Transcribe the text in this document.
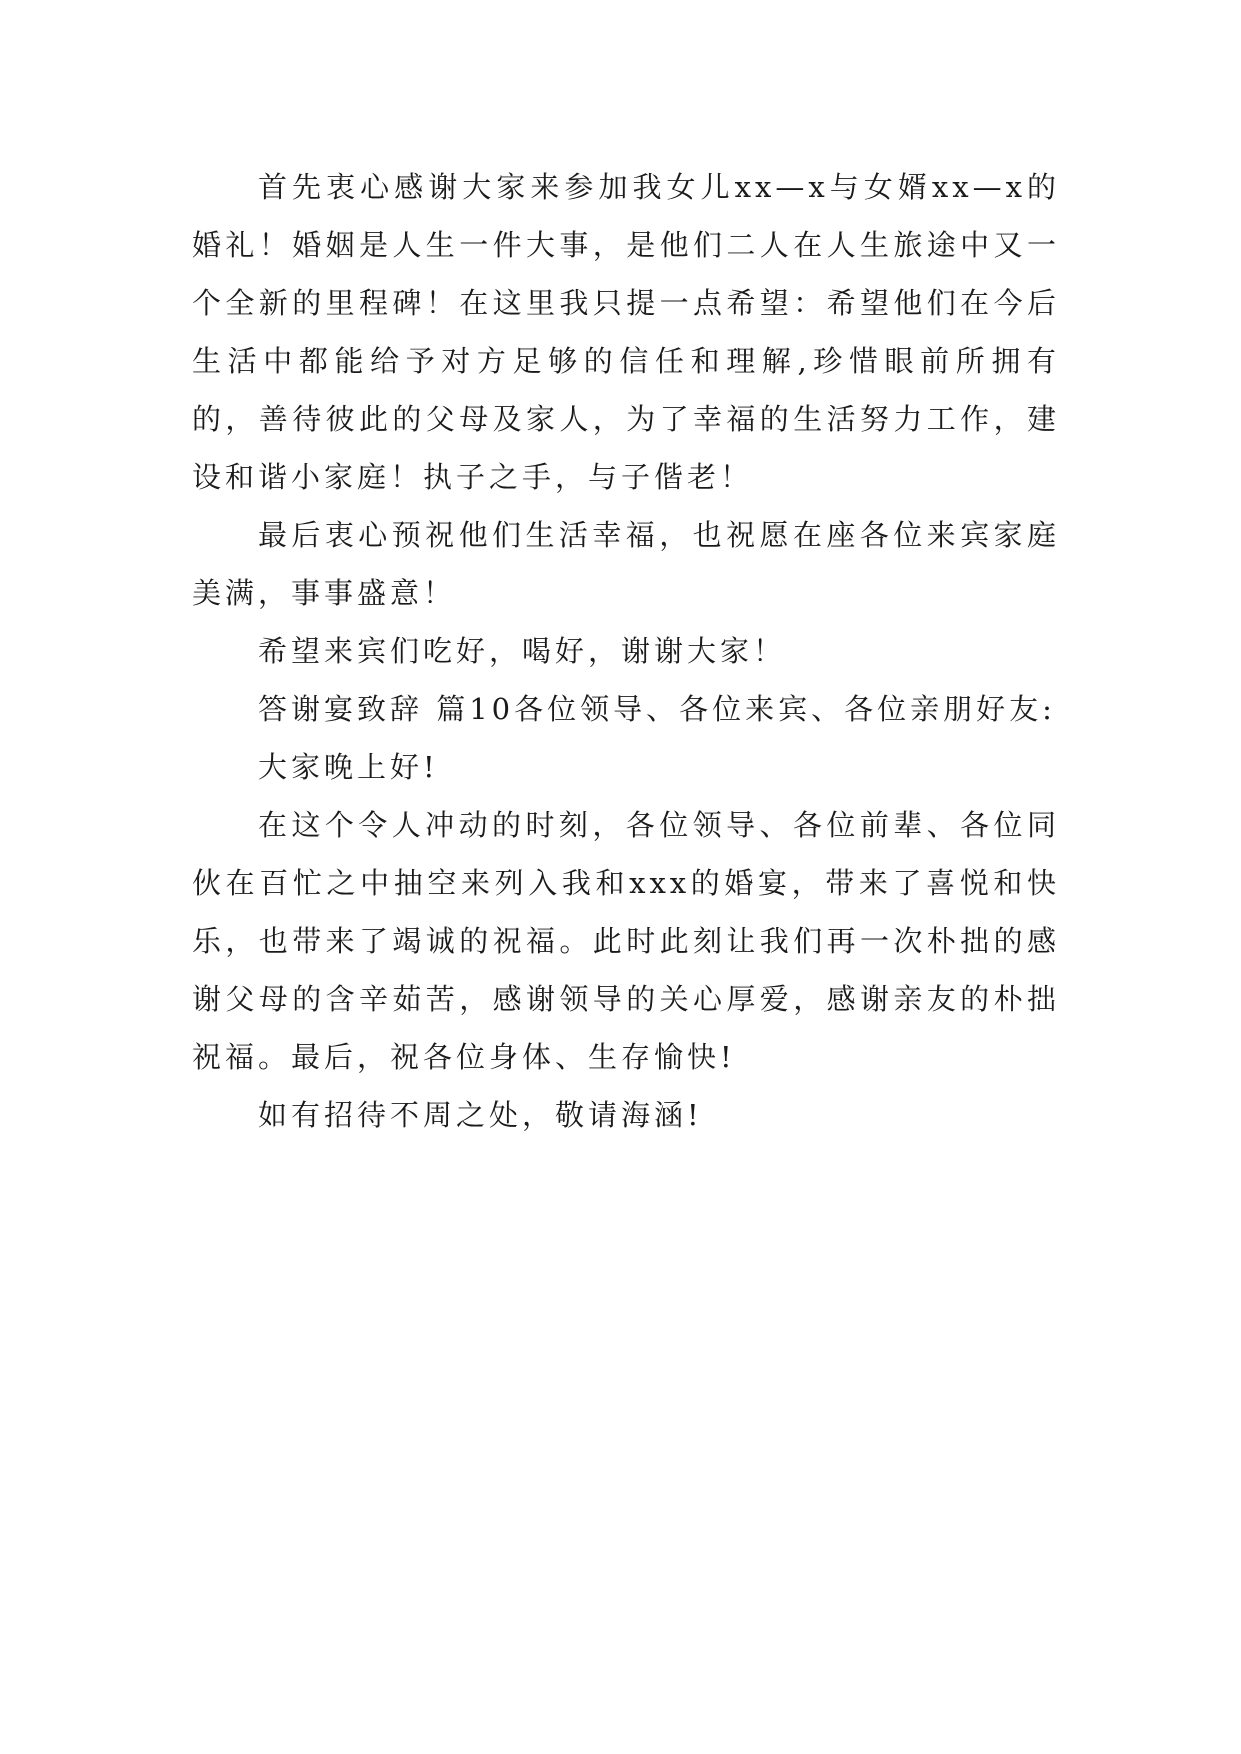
首先衷心感谢大家来参加我女儿xx—x与女婿xx—x的婚礼！婚姻是人生一件大事，是他们二人在人生旅途中又一个全新的里程碑！在这里我只提一点希望：希望他们在今后生活中都能给予对方足够的信任和理解,珍惜眼前所拥有的，善待彼此的父母及家人，为了幸福的生活努力工作，建设和谐小家庭！执子之手，与子偕老！

最后衷心预祝他们生活幸福，也祝愿在座各位来宾家庭美满，事事盛意！

希望来宾们吃好，喝好，谢谢大家！

答谢宴致辞 篇10各位领导、各位来宾、各位亲朋好友:

大家晚上好!

在这个令人冲动的时刻，各位领导、各位前辈、各位同伙在百忙之中抽空来列入我和xxx的婚宴，带来了喜悦和快乐，也带来了竭诚的祝福。此时此刻让我们再一次朴拙的感谢父母的含辛茹苦，感谢领导的关心厚爱，感谢亲友的朴拙祝福。最后，祝各位身体、生存愉快!

如有招待不周之处，敬请海涵!
